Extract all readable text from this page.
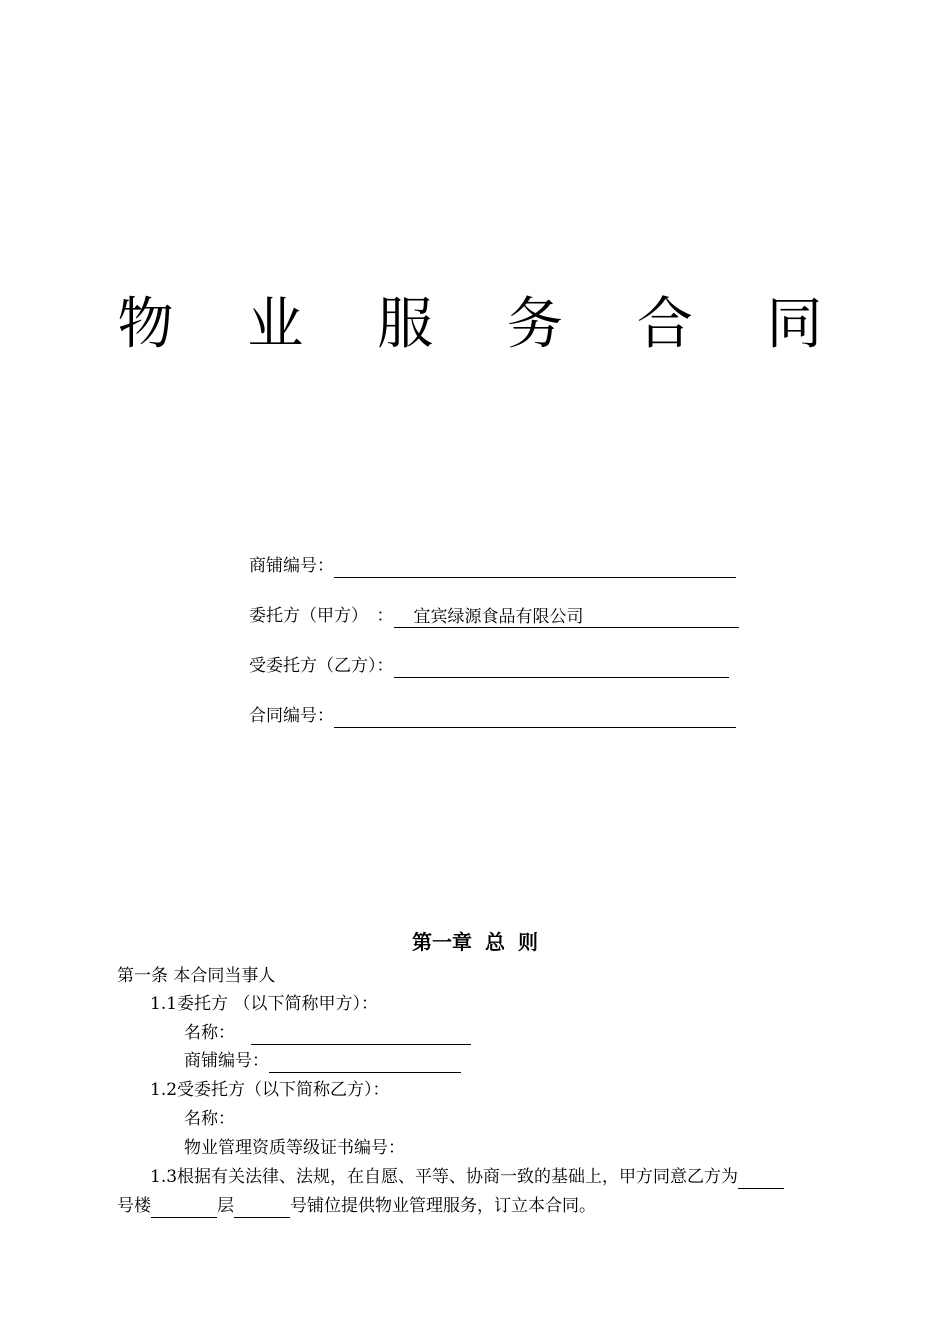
物 业 服 务 合 同
商铺编号：
委托方（甲方）　： 宜宾绿源食品有限公司
受委托方（乙方）：
合同编号：
第一章 总 则
第一条 本合同当事人
1.1委托方 （以下简称甲方）：
名称：
商铺编号：
1.2受委托方（以下简称乙方）：
名称：
物业管理资质等级证书编号：
1.3根据有关法律、法规，在自愿、平等、协商一致的基础上，甲方同意乙方为
号楼	层	号铺位提供物业管理服务，订立本合同。
